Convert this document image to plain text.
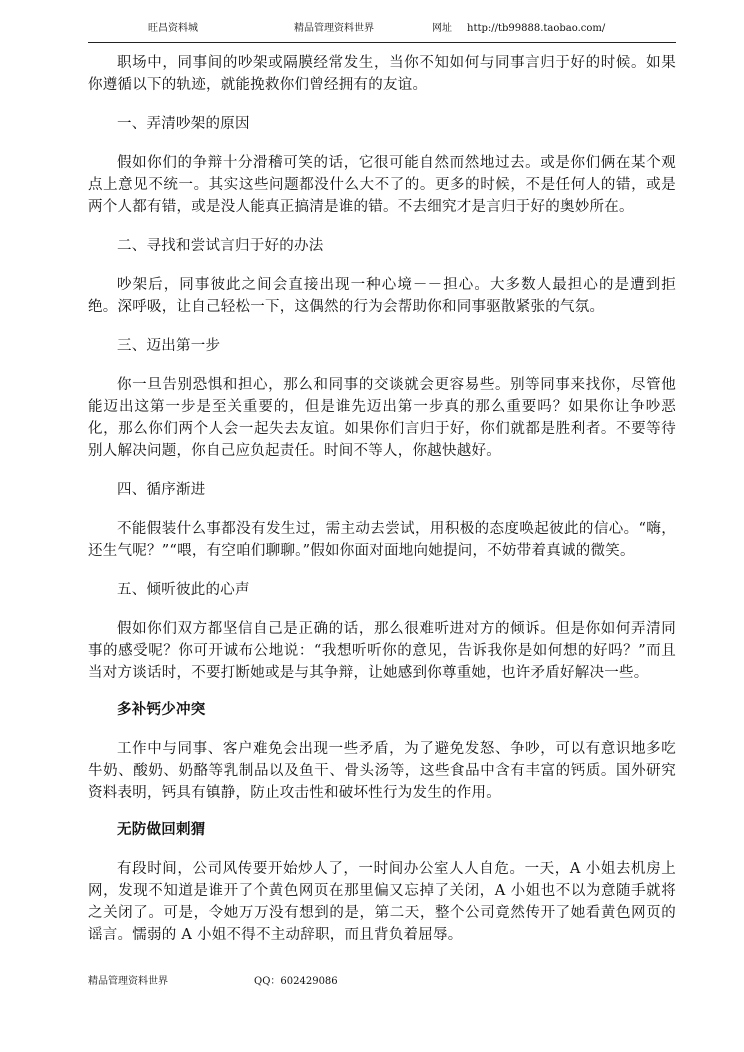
旺昌资料城	精品管理资料世界	网址 http://tb99888.taobao.com/

职场中，同事间的吵架或隔膜经常发生，当你不知如何与同事言归于好的时候。如果你遵循以下的轨迹，就能挽救你们曾经拥有的友谊。

一、弄清吵架的原因

假如你们的争辩十分滑稽可笑的话，它很可能自然而然地过去。或是你们俩在某个观点上意见不统一。其实这些问题都没什么大不了的。更多的时候，不是任何人的错，或是两个人都有错，或是没人能真正搞清是谁的错。不去细究才是言归于好的奥妙所在。

二、寻找和尝试言归于好的办法

吵架后，同事彼此之间会直接出现一种心境－－担心。大多数人最担心的是遭到拒绝。深呼吸，让自己轻松一下，这偶然的行为会帮助你和同事驱散紧张的气氛。

三、迈出第一步

你一旦告别恐惧和担心，那么和同事的交谈就会更容易些。别等同事来找你，尽管他能迈出这第一步是至关重要的，但是谁先迈出第一步真的那么重要吗？如果你让争吵恶化，那么你们两个人会一起失去友谊。如果你们言归于好，你们就都是胜利者。不要等待别人解决问题，你自己应负起责任。时间不等人，你越快越好。

四、循序渐进

不能假装什么事都没有发生过，需主动去尝试，用积极的态度唤起彼此的信心。“嗨，还生气呢？”“喂，有空咱们聊聊。”假如你面对面地向她提问，不妨带着真诚的微笑。

五、倾听彼此的心声

假如你们双方都坚信自己是正确的话，那么很难听进对方的倾诉。但是你如何弄清同事的感受呢？你可开诚布公地说：“我想听听你的意见，告诉我你是如何想的好吗？”而且当对方谈话时，不要打断她或是与其争辩，让她感到你尊重她，也许矛盾好解决一些。

多补钙少冲突

工作中与同事、客户难免会出现一些矛盾，为了避免发怒、争吵，可以有意识地多吃牛奶、酸奶、奶酪等乳制品以及鱼干、骨头汤等，这些食品中含有丰富的钙质。国外研究资料表明，钙具有镇静，防止攻击性和破坏性行为发生的作用。

无防做回刺猬

有段时间，公司风传要开始炒人了，一时间办公室人人自危。一天，A 小姐去机房上网，发现不知道是谁开了个黄色网页在那里偏又忘掉了关闭，A 小姐也不以为意随手就将之关闭了。可是，令她万万没有想到的是，第二天，整个公司竟然传开了她看黄色网页的谣言。懦弱的 A 小姐不得不主动辞职，而且背负着屈辱。

精品管理资料世界	QQ：602429086
